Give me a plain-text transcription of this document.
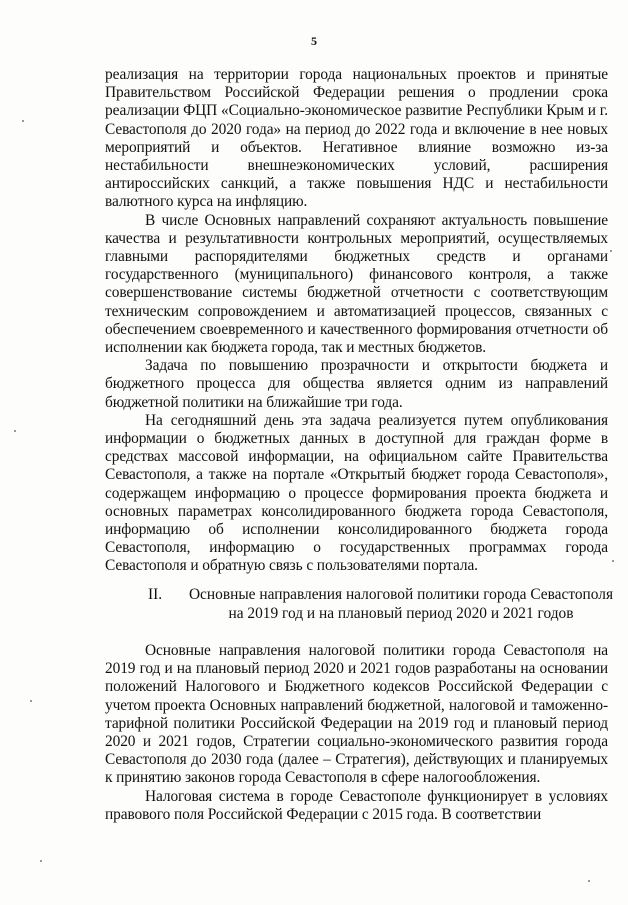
5

реализация на территории города национальных проектов и принятые Правительством Российской Федерации решения о продлении срока реализации ФЦП «Социально-экономическое развитие Республики Крым и г. Севастополя до 2020 года» на период до 2022 года и включение в нее новых мероприятий и объектов. Негативное влияние возможно из-за нестабильности внешнеэкономических условий, расширения антироссийских санкций, а также повышения НДС и нестабильности валютного курса на инфляцию.

В числе Основных направлений сохраняют актуальность повышение качества и результативности контрольных мероприятий, осуществляемых главными распорядителями бюджетных средств и органами государственного (муниципального) финансового контроля, а также совершенствование системы бюджетной отчетности с соответствующим техническим сопровождением и автоматизацией процессов, связанных с обеспечением своевременного и качественного формирования отчетности об исполнении как бюджета города, так и местных бюджетов.

Задача по повышению прозрачности и открытости бюджета и бюджетного процесса для общества является одним из направлений бюджетной политики на ближайшие три года.

На сегодняшний день эта задача реализуется путем опубликования информации о бюджетных данных в доступной для граждан форме в средствах массовой информации, на официальном сайте Правительства Севастополя, а также на портале «Открытый бюджет города Севастополя», содержащем информацию о процессе формирования проекта бюджета и основных параметрах консолидированного бюджета города Севастополя, информацию об исполнении консолидированного бюджета города Севастополя, информацию о государственных программах города Севастополя и обратную связь с пользователями портала.

II. Основные направления налоговой политики города Севастополя на 2019 год и на плановый период 2020 и 2021 годов

Основные направления налоговой политики города Севастополя на 2019 год и на плановый период 2020 и 2021 годов разработаны на основании положений Налогового и Бюджетного кодексов Российской Федерации с учетом проекта Основных направлений бюджетной, налоговой и таможенно-тарифной политики Российской Федерации на 2019 год и плановый период 2020 и 2021 годов, Стратегии социально-экономического развития города Севастополя до 2030 года (далее – Стратегия), действующих и планируемых к принятию законов города Севастополя в сфере налогообложения.

Налоговая система в городе Севастополе функционирует в условиях правового поля Российской Федерации с 2015 года. В соответствии
